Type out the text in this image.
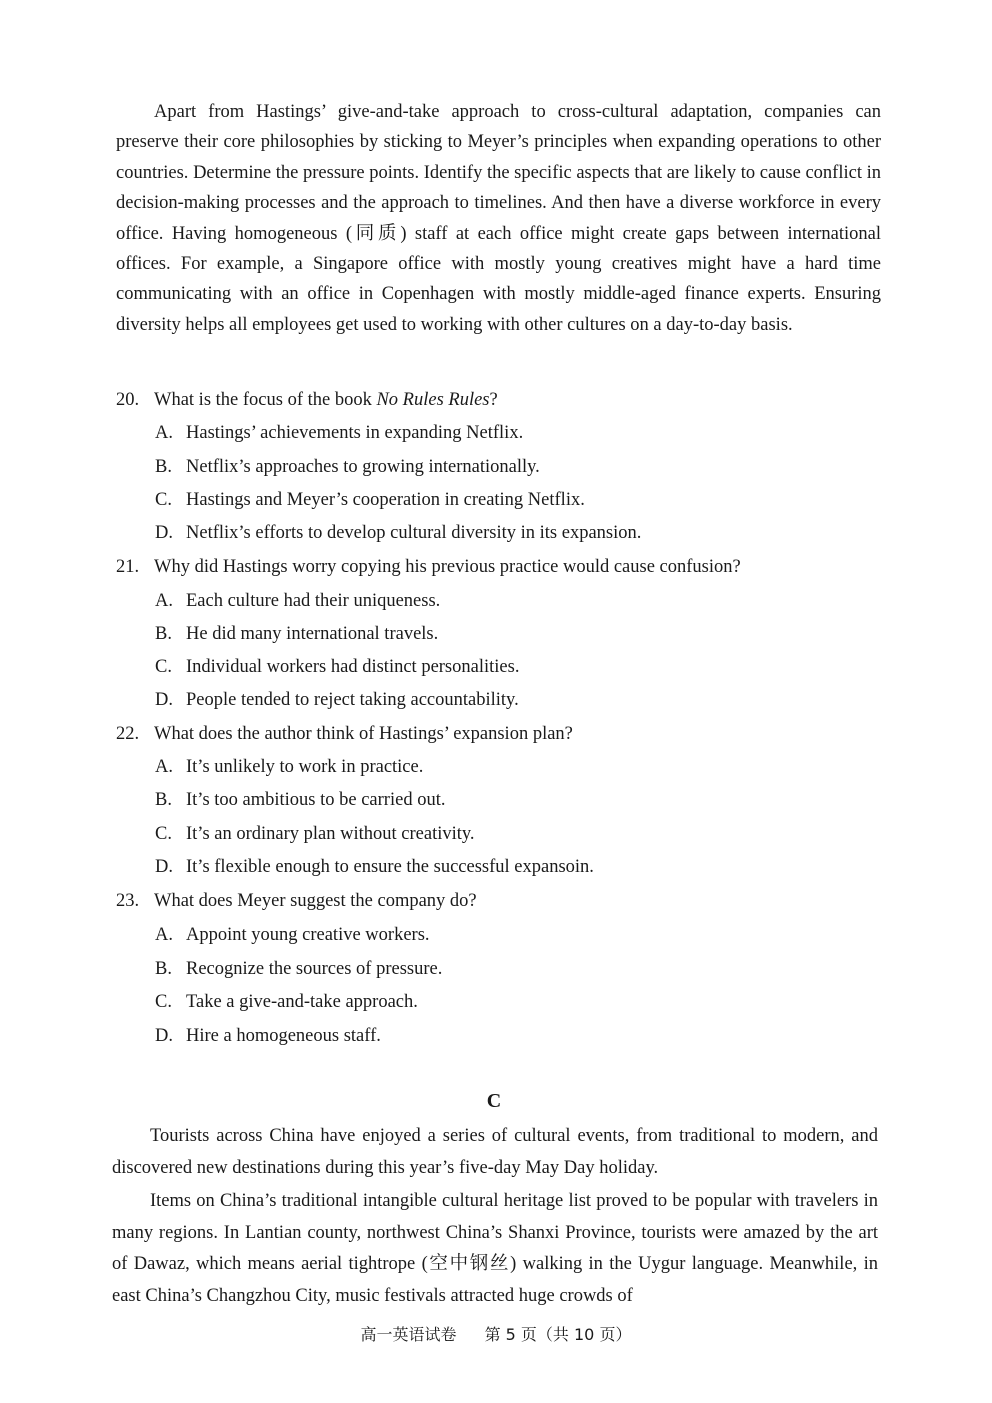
Apart from Hastings’ give-and-take approach to cross-cultural adaptation, companies can preserve their core philosophies by sticking to Meyer’s principles when expanding operations to other countries. Determine the pressure points. Identify the specific aspects that are likely to cause conflict in decision-making processes and the approach to timelines. And then have a diverse workforce in every office. Having homogeneous (同质) staff at each office might create gaps between international offices. For example, a Singapore office with mostly young creatives might have a hard time communicating with an office in Copenhagen with mostly middle-aged finance experts. Ensuring diversity helps all employees get used to working with other cultures on a day-to-day basis.
20. What is the focus of the book No Rules Rules?
A. Hastings’ achievements in expanding Netflix.
B. Netflix’s approaches to growing internationally.
C. Hastings and Meyer’s cooperation in creating Netflix.
D. Netflix’s efforts to develop cultural diversity in its expansion.
21. Why did Hastings worry copying his previous practice would cause confusion?
A. Each culture had their uniqueness.
B. He did many international travels.
C. Individual workers had distinct personalities.
D. People tended to reject taking accountability.
22. What does the author think of Hastings’ expansion plan?
A. It’s unlikely to work in practice.
B. It’s too ambitious to be carried out.
C. It’s an ordinary plan without creativity.
D. It’s flexible enough to ensure the successful expansoin.
23. What does Meyer suggest the company do?
A. Appoint young creative workers.
B. Recognize the sources of pressure.
C. Take a give-and-take approach.
D. Hire a homogeneous staff.
C
Tourists across China have enjoyed a series of cultural events, from traditional to modern, and discovered new destinations during this year’s five-day May Day holiday.
Items on China’s traditional intangible cultural heritage list proved to be popular with travelers in many regions. In Lantian county, northwest China’s Shanxi Province, tourists were amazed by the art of Dawaz, which means aerial tightrope (空中钢丝) walking in the Uygur language. Meanwhile, in east China’s Changzhou City, music festivals attracted huge crowds of
高一英语试卷 第 5 页（共 10 页）
